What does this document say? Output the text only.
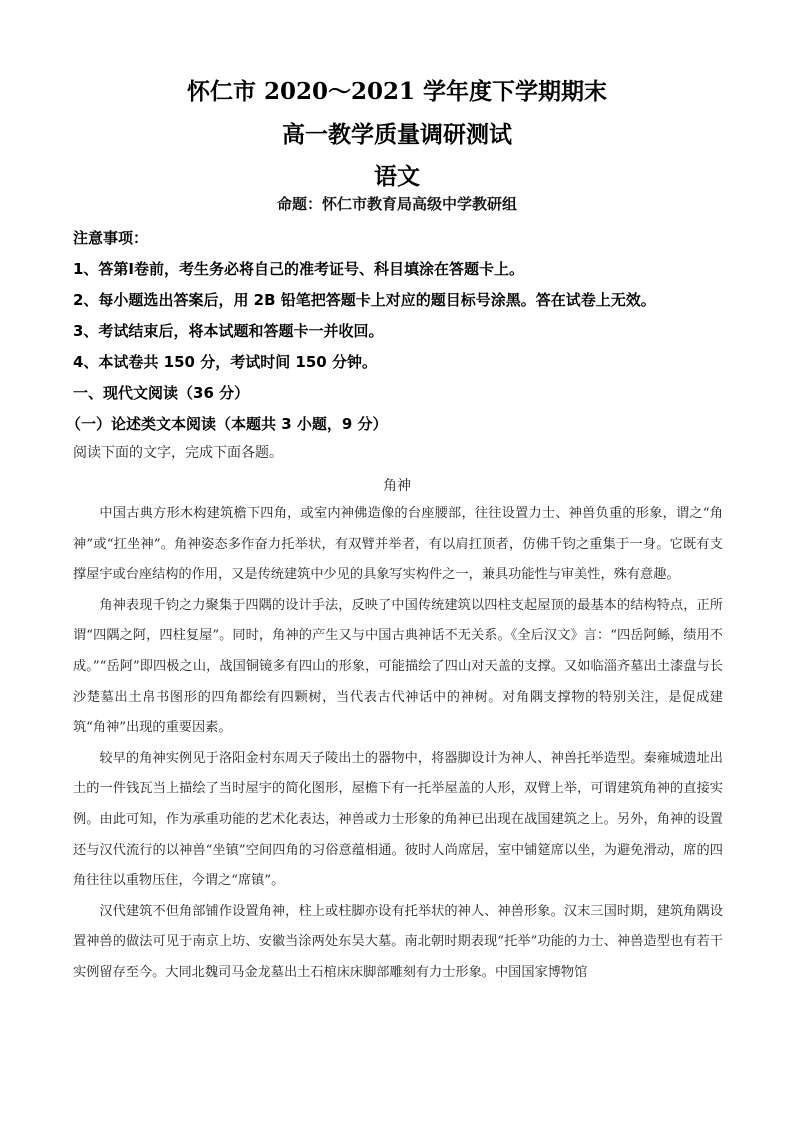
怀仁市 2020～2021 学年度下学期期末
高一教学质量调研测试
语文
命题：怀仁市教育局高级中学教研组
注意事项：
1、答第Ⅰ卷前，考生务必将自己的准考证号、科目填涂在答题卡上。
2、每小题选出答案后，用 2B 铅笔把答题卡上对应的题目标号涂黑。答在试卷上无效。
3、考试结束后，将本试题和答题卡一并收回。
4、本试卷共 150 分，考试时间 150 分钟。
一、现代文阅读（36 分）
（一）论述类文本阅读（本题共 3 小题，9 分）
阅读下面的文字，完成下面各题。
角神

中国古典方形木构建筑檐下四角，或室内神佛造像的台座腰部，往往设置力士、神兽负重的形象，谓之“角神”或“扛坐神”。角神姿态多作奋力托举状，有双臂并举者，有以肩扛顶者，仿佛千钧之重集于一身。它既有支撑屋宇或台座结构的作用，又是传统建筑中少见的具象写实构件之一，兼具功能性与审美性，殊有意趣。

角神表现千钧之力聚集于四隅的设计手法，反映了中国传统建筑以四柱支起屋顶的最基本的结构特点，正所谓“四隅之阿，四柱复屋”。同时，角神的产生又与中国古典神话不无关系。《全后汉文》言：“四岳阿鲧，绩用不成。”“岳阿”即四极之山，战国铜镜多有四山的形象，可能描绘了四山对天盖的支撑。又如临淄齐墓出土漆盘与长沙楚墓出土帛书图形的四角都绘有四颗树，当代表古代神话中的神树。对角隅支撑物的特别关注，是促成建筑“角神”出现的重要因素。

较早的角神实例见于洛阳金村东周天子陵出土的器物中，将器脚设计为神人、神兽托举造型。秦雍城遗址出土的一件钱瓦当上描绘了当时屋宇的简化图形，屋檐下有一托举屋盖的人形，双臂上举，可谓建筑角神的直接实例。由此可知，作为承重功能的艺术化表达，神兽或力士形象的角神已出现在战国建筑之上。另外，角神的设置还与汉代流行的以神兽“坐镇”空间四角的习俗意蕴相通。彼时人尚席居，室中铺筵席以坐，为避免滑动，席的四角往往以重物压住，今谓之“席镇”。

汉代建筑不但角部铺作设置角神，柱上或柱脚亦设有托举状的神人、神兽形象。汉末三国时期，建筑角隅设置神兽的做法可见于南京上坊、安徽当涂两处东吴大墓。南北朝时期表现“托举”功能的力士、神兽造型也有若干实例留存至今。大同北魏司马金龙墓出土石棺床床脚部雕刻有力士形象。中国国家博物馆
